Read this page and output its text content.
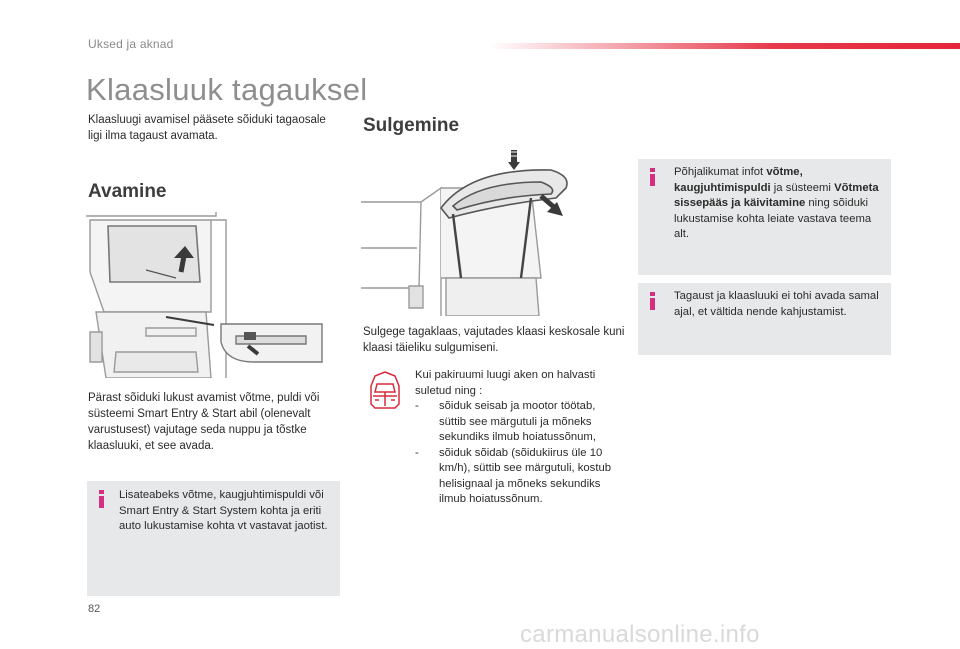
Uksed ja aknad
Klaasluuk tagauksel
Klaasluugi avamisel pääsete sõiduki tagaosale ligi ilma tagaust avamata.
Avamine
Pärast sõiduki lukust avamist võtme, puldi või süsteemi Smart Entry & Start abil (olenevalt varustusest) vajutage seda nuppu ja tõstke klaasluuki, et see avada.
Lisateabeks võtme, kaugjuhtimispuldi või Smart Entry & Start System kohta ja eriti auto lukustamise kohta vt vastavat jaotist.
Sulgemine
Sulgege tagaklaas, vajutades klaasi keskosale kuni klaasi täieliku sulgumiseni.
Kui pakiruumi luugi aken on halvasti suletud ning :
- sõiduk seisab ja mootor töötab, süttib see märgutuli ja mõneks sekundiks ilmub hoiatussõnum,
- sõiduk sõidab (sõidukiirus üle 10 km/h), süttib see märgutuli, kostub helisignaal ja mõneks sekundiks ilmub hoiatussõnum.
Põhjalikumat infot võtme, kaugjuhtimispuldi ja süsteemi Võtmeta sissepääs ja käivitamine ning sõiduki lukustamise kohta leiate vastava teema alt.
Tagaust ja klaasluuki ei tohi avada samal ajal, et vältida nende kahjustamist.
82
carmanualsonline.info
